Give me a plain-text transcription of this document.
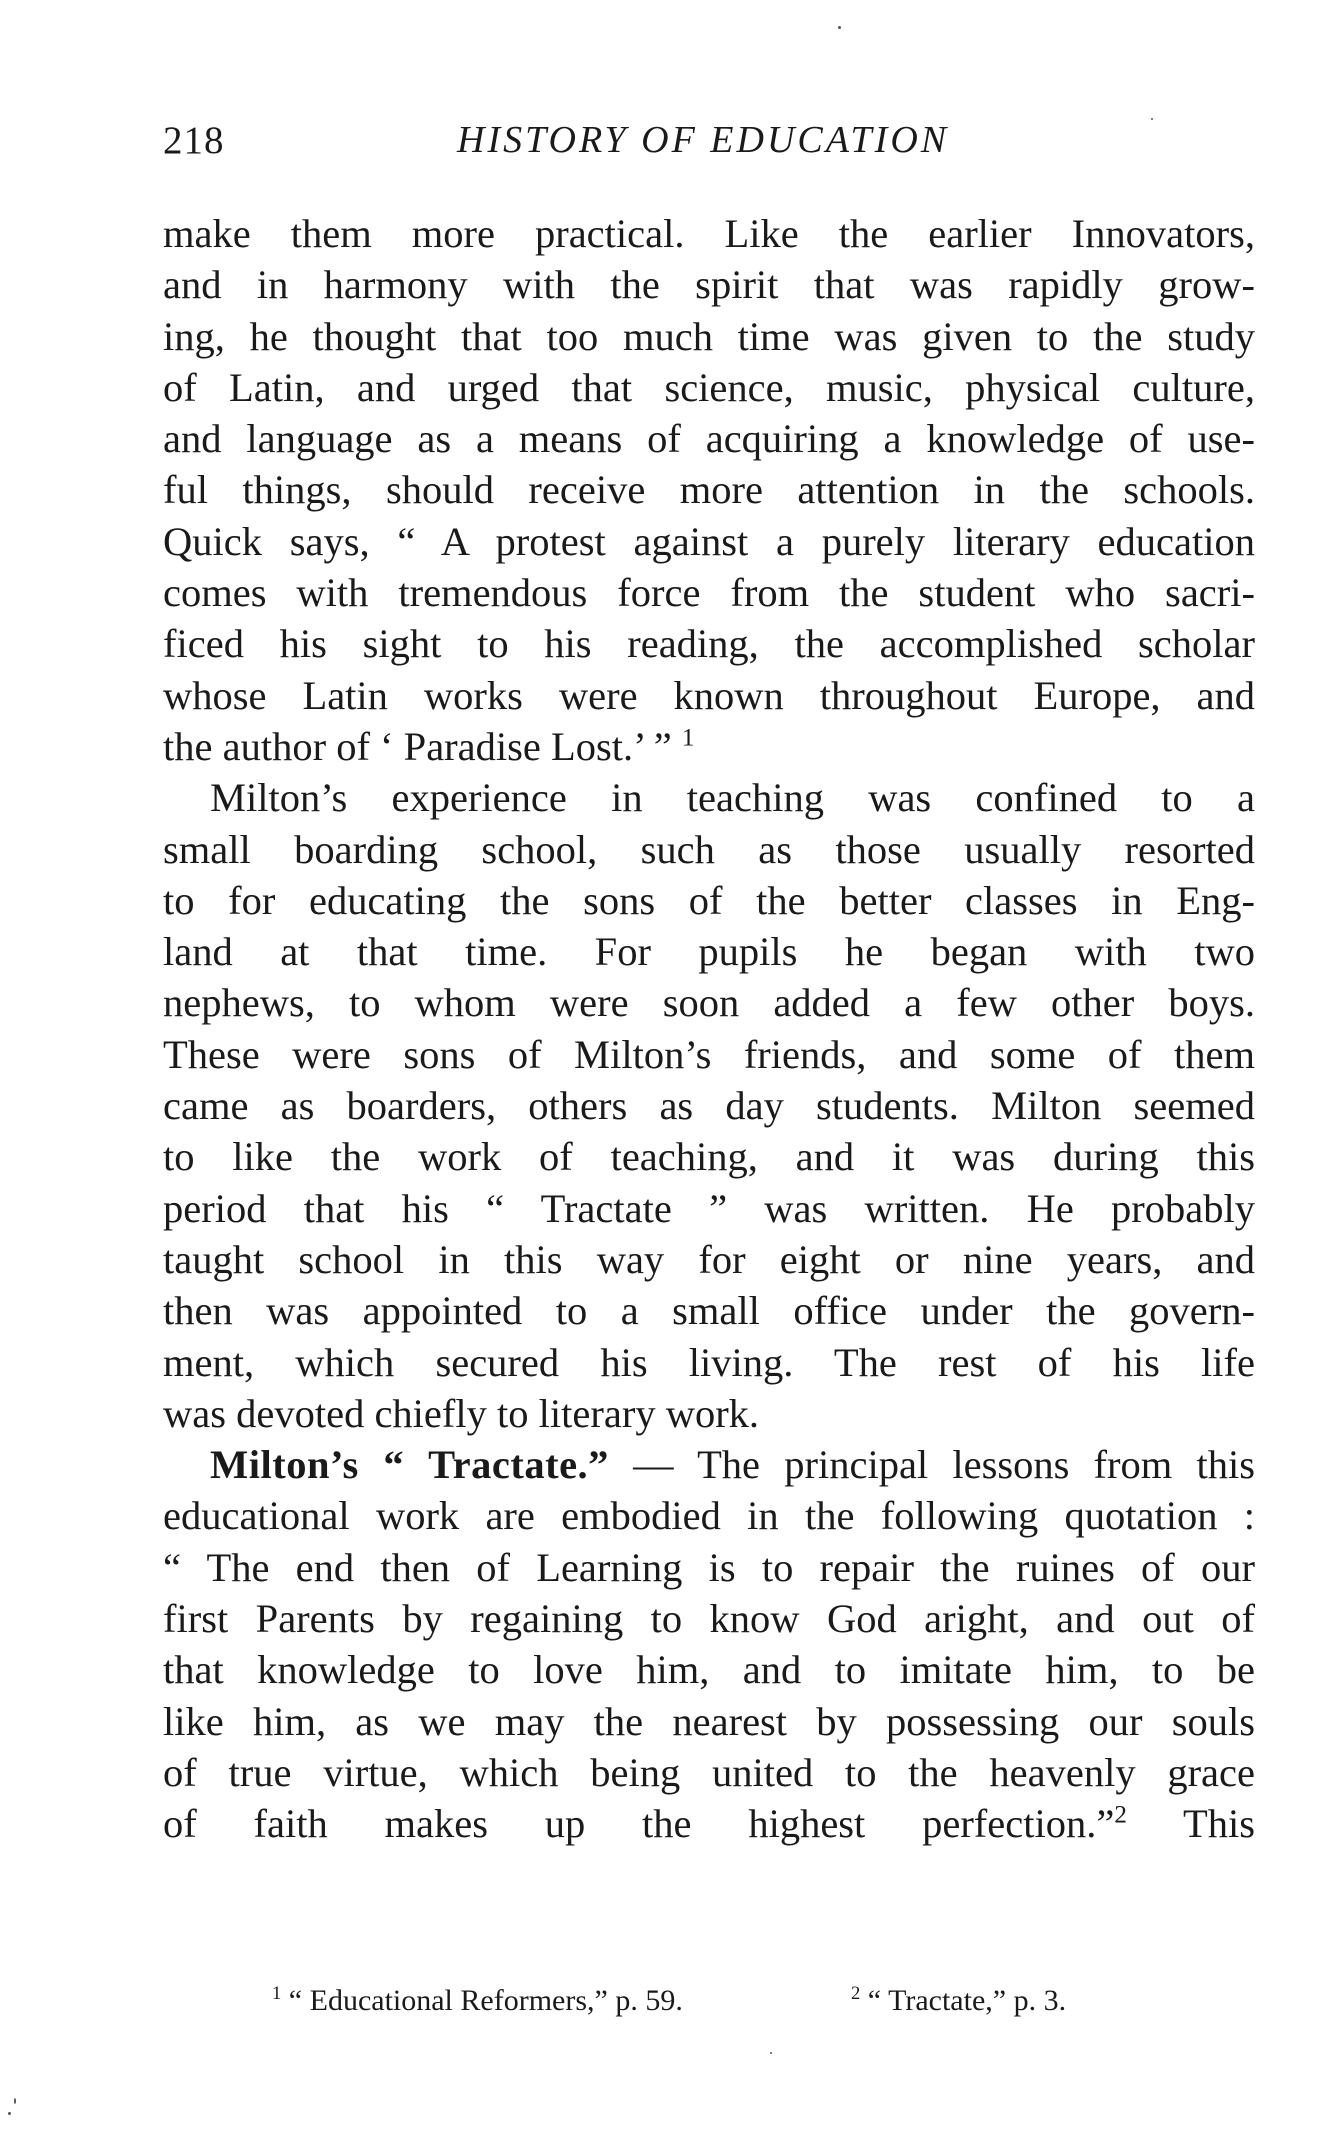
218	HISTORY OF EDUCATION
make them more practical. Like the earlier Innovators,
and in harmony with the spirit that was rapidly grow-
ing, he thought that too much time was given to the study
of Latin, and urged that science, music, physical culture,
and language as a means of acquiring a knowledge of use-
ful things, should receive more attention in the schools.
Quick says, “ A protest against a purely literary education
comes with tremendous force from the student who sacri-
ficed his sight to his reading, the accomplished scholar
whose Latin works were known throughout Europe, and
the author of ‘ Paradise Lost.’ ” $^1$
Milton’s experience in teaching was confined to a
small boarding school, such as those usually resorted
to for educating the sons of the better classes in Eng-
land at that time. For pupils he began with two
nephews, to whom were soon added a few other boys.
These were sons of Milton’s friends, and some of them
came as boarders, others as day students. Milton seemed
to like the work of teaching, and it was during this
period that his “ Tractate ” was written. He probably
taught school in this way for eight or nine years, and
then was appointed to a small office under the govern-
ment, which secured his living. The rest of his life
was devoted chiefly to literary work.
Milton’s “ Tractate.” — The principal lessons from this
educational work are embodied in the following quotation :
“ The end then of Learning is to repair the ruines of our
first Parents by regaining to know God aright, and out of
that knowledge to love him, and to imitate him, to be
like him, as we may the nearest by possessing our souls
of true virtue, which being united to the heavenly grace
of faith makes up the highest perfection.”$^2$ This
$^1$ “ Educational Reformers,” p. 59.	$^2$ “ Tractate,” p. 3.
